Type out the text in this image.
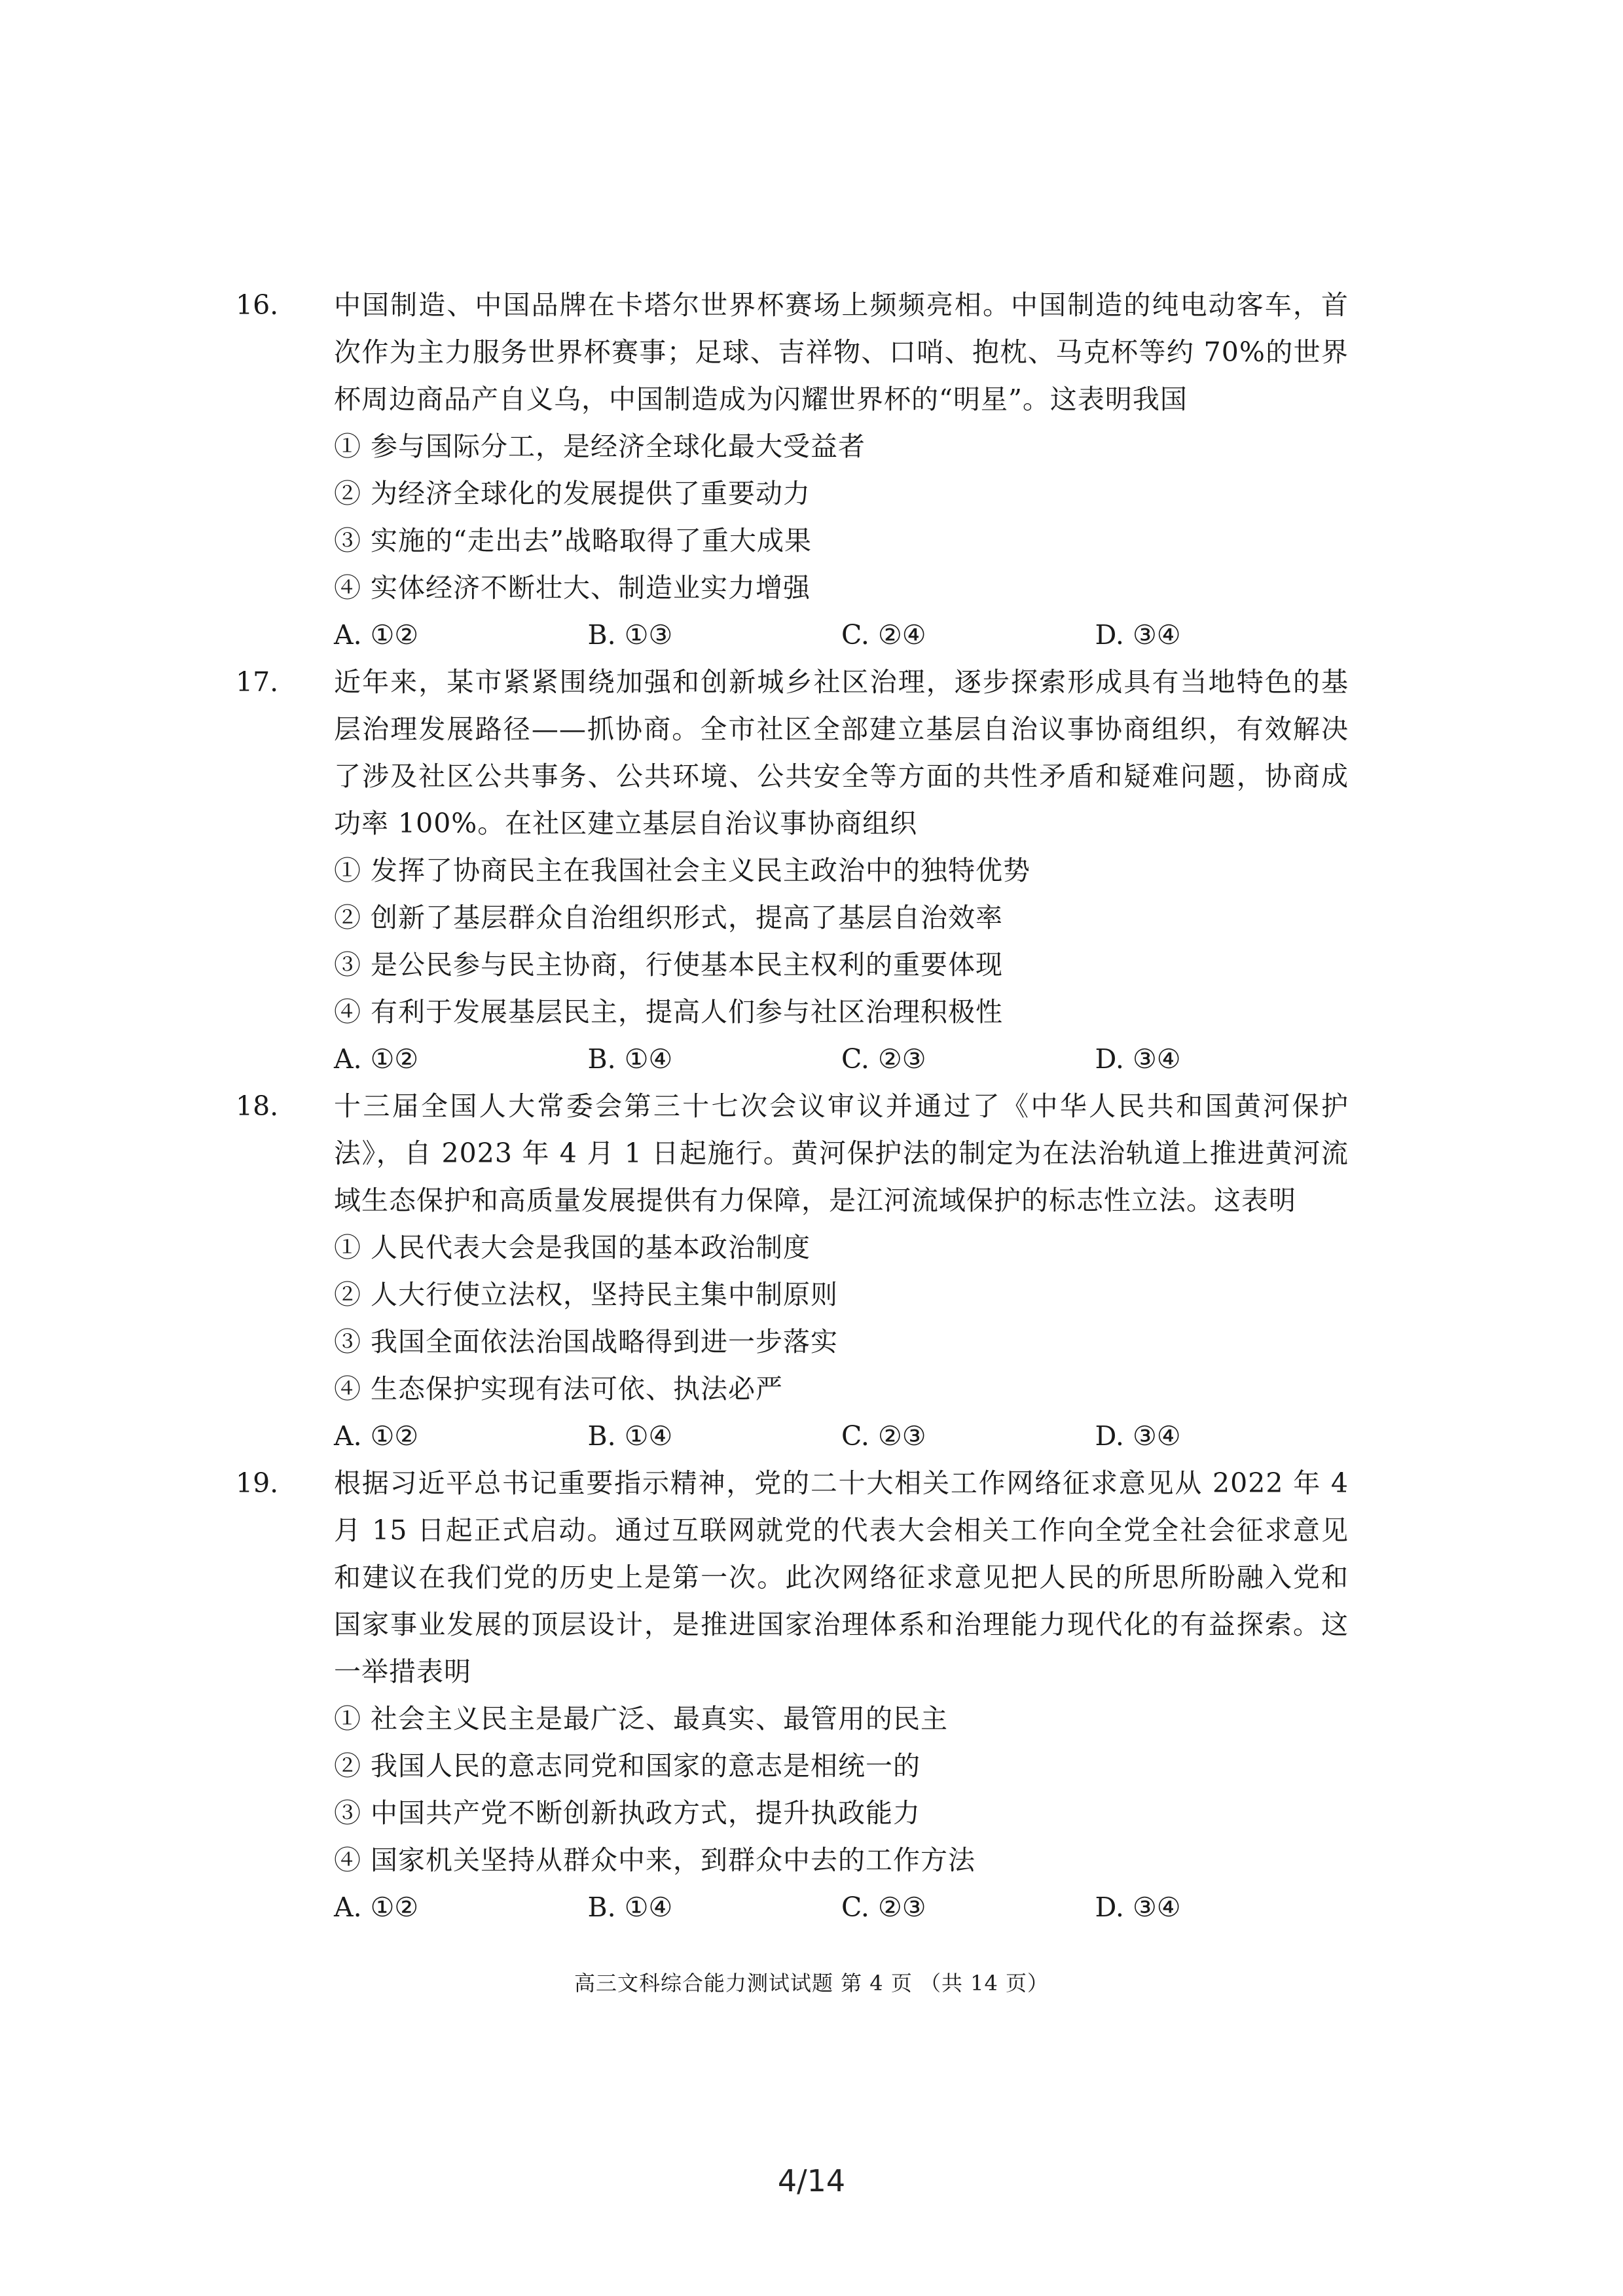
16.	中国制造、中国品牌在卡塔尔世界杯赛场上频频亮相。中国制造的纯电动客车，首次作为主力服务世界杯赛事；足球、吉祥物、口哨、抱枕、马克杯等约 70%的世界杯周边商品产自义乌，中国制造成为闪耀世界杯的“明星”。这表明我国
① 参与国际分工，是经济全球化最大受益者
② 为经济全球化的发展提供了重要动力
③ 实施的“走出去”战略取得了重大成果
④ 实体经济不断壮大、制造业实力增强
A. ①②	B. ①③	C. ②④	D. ③④
17.	近年来，某市紧紧围绕加强和创新城乡社区治理，逐步探索形成具有当地特色的基层治理发展路径——抓协商。全市社区全部建立基层自治议事协商组织，有效解决了涉及社区公共事务、公共环境、公共安全等方面的共性矛盾和疑难问题，协商成功率 100%。在社区建立基层自治议事协商组织
① 发挥了协商民主在我国社会主义民主政治中的独特优势
② 创新了基层群众自治组织形式，提高了基层自治效率
③ 是公民参与民主协商，行使基本民主权利的重要体现
④ 有利于发展基层民主，提高人们参与社区治理积极性
A. ①②	B. ①④	C. ②③	D. ③④
18.	十三届全国人大常委会第三十七次会议审议并通过了《中华人民共和国黄河保护法》，自 2023 年 4 月 1 日起施行。黄河保护法的制定为在法治轨道上推进黄河流域生态保护和高质量发展提供有力保障，是江河流域保护的标志性立法。这表明
① 人民代表大会是我国的基本政治制度
② 人大行使立法权，坚持民主集中制原则
③ 我国全面依法治国战略得到进一步落实
④ 生态保护实现有法可依、执法必严
A. ①②	B. ①④	C. ②③	D. ③④
19.	根据习近平总书记重要指示精神，党的二十大相关工作网络征求意见从 2022 年 4 月 15 日起正式启动。通过互联网就党的代表大会相关工作向全党全社会征求意见和建议在我们党的历史上是第一次。此次网络征求意见把人民的所思所盼融入党和国家事业发展的顶层设计，是推进国家治理体系和治理能力现代化的有益探索。这一举措表明
① 社会主义民主是最广泛、最真实、最管用的民主
② 我国人民的意志同党和国家的意志是相统一的
③ 中国共产党不断创新执政方式，提升执政能力
④ 国家机关坚持从群众中来，到群众中去的工作方法
A. ①②	B. ①④	C. ②③	D. ③④
高三文科综合能力测试试题 第 4 页 （共 14 页）
4/14
